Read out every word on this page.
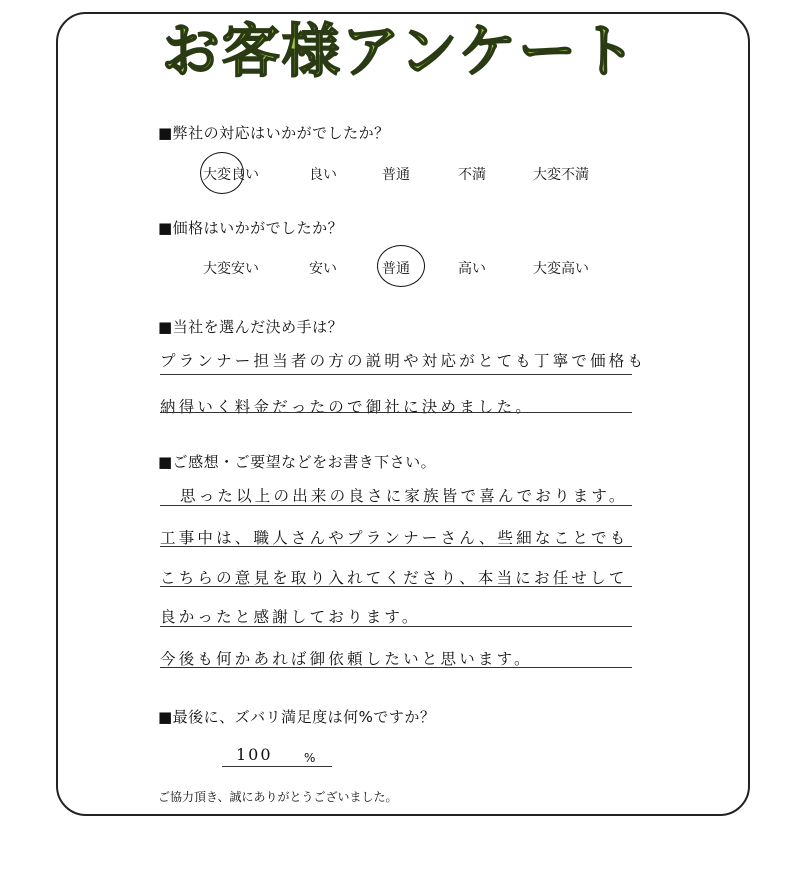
お客様アンケート
■弊社の対応はいかがでしたか？
大変良い	良い	普通	不満	大変不満
■価格はいかがでしたか？
大変安い	安い	普通	高い	大変高い
■当社を選んだ決め手は？
プランナー担当者の方の説明や対応がとても丁寧で価格も
納得いく料金だったので御社に決めました。
■ご感想・ご要望などをお書き下さい。
思った以上の出来の良さに家族皆で喜んでおります。
工事中は、職人さんやプランナーさん、些細なことでも
こちらの意見を取り入れてくださり、本当にお任せして
良かったと感謝しております。
今後も何かあれば御依頼したいと思います。
■最後に、ズバリ満足度は何%ですか？
100	%
ご協力頂き、誠にありがとうございました。
